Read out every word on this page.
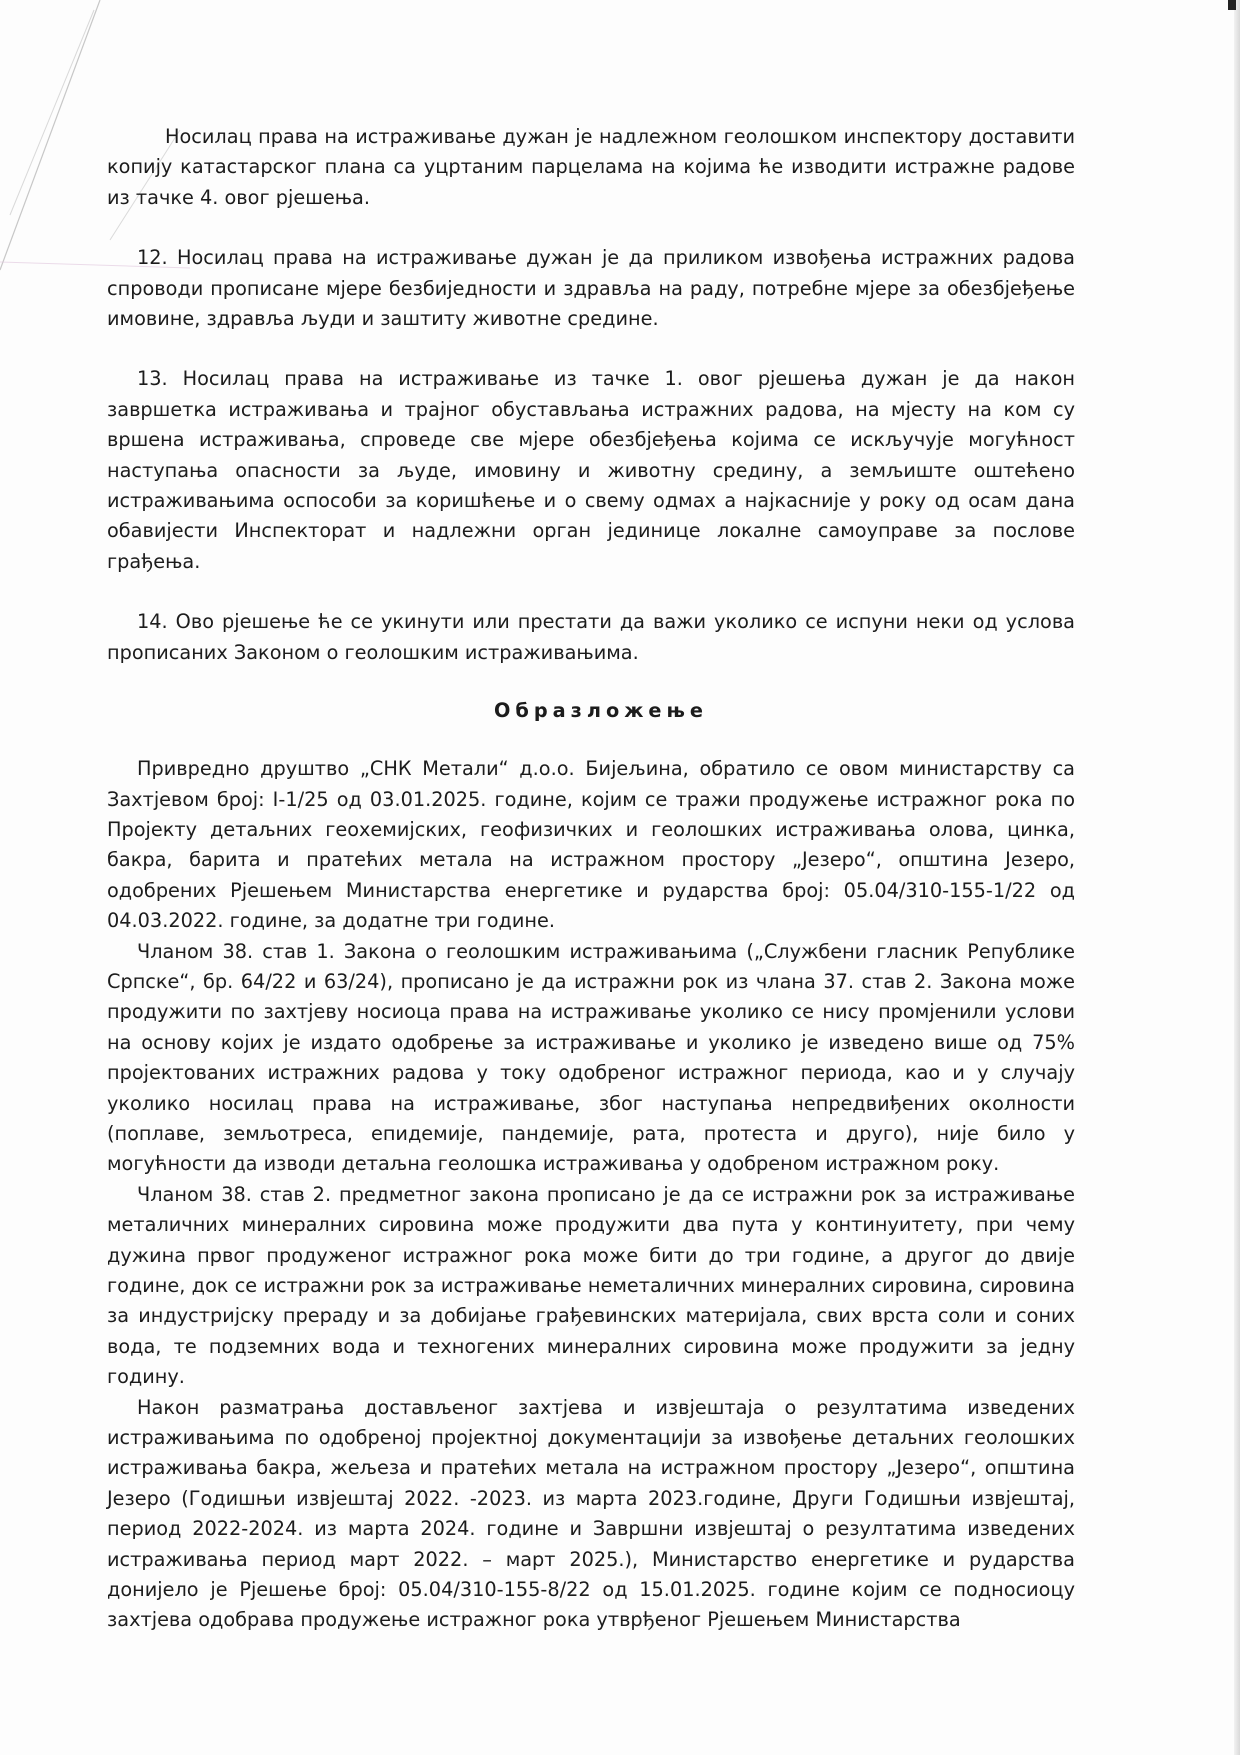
Носилац права на истраживање дужан је надлежном геолошком инспектору доставити копију катастарског плана са уцртаним парцелама на којима ће изводити истражне радове из тачке 4. овог рјешења.

12. Носилац права на истраживање дужан је да приликом извођења истражних радова спроводи прописане мјере безбиједности и здравља на раду, потребне мјере за обезбјеђење имовине, здравља људи и заштиту животне средине.

13. Носилац права на истраживање из тачке 1. овог рјешења дужан је да након завршетка истраживања и трајног обустављања истражних радова, на мјесту на ком су вршена истраживања, спроведе све мјере обезбјеђења којима се искључује могућност наступања опасности за људе, имовину и животну средину, а земљиште оштећено истраживањима оспособи за коришћење и о свему одмах а најкасније у року од осам дана обавијести Инспекторат и надлежни орган јединице локалне самоуправе за послове грађења.

14. Ово рјешење ће се укинути или престати да важи уколико се испуни неки од услова прописаних Законом о геолошким истраживањима.

Образложење

Привредно друштво „СНК Метали“ д.о.о. Бијељина, обратило се овом министарству са Захтјевом број: I-1/25 од 03.01.2025. године, којим се тражи продужење истражног рока по Пројекту детаљних геохемијских, геофизичких и геолошких истраживања олова, цинка, бакра, барита и пратећих метала на истражном простору „Језеро“, општина Језеро, одобрених Рјешењем Министарства енергетике и рударства број: 05.04/310-155-1/22 од 04.03.2022. године, за додатне три године.

Чланом 38. став 1. Закона о геолошким истраживањима („Службени гласник Републике Српске“, бр. 64/22 и 63/24), прописано је да истражни рок из члана 37. став 2. Закона може продужити по захтјеву носиоца права на истраживање уколико се нису промјенили услови на основу којих је издато одобрење за истраживање и уколико је изведено више од 75% пројектованих истражних радова у току одобреног истражног периода, као и у случају уколико носилац права на истраживање, због наступања непредвиђених околности (поплаве, земљотреса, епидемије, пандемије, рата, протеста и друго), није било у могућности да изводи детаљна геолошка истраживања у одобреном истражном року.

Чланом 38. став 2. предметног закона прописано је да се истражни рок за истраживање металичних минералних сировина може продужити два пута у континуитету, при чему дужина првог продуженог истражног рока може бити до три године, а другог до двије године, док се истражни рок за истраживање неметаличних минералних сировина, сировина за индустријску прераду и за добијање грађевинских материјала, свих врста соли и соних вода, те подземних вода и техногених минералних сировина може продужити за једну годину.

Након разматрања достављеног захтјева и извјештаја о резултатима изведених истраживањима по одобреној пројектној документацији за извођење детаљних геолошких истраживања бакра, жељеза и пратећих метала на истражном простору „Језеро“, општина Језеро (Годишњи извјештај 2022. -2023. из марта 2023.године, Други Годишњи извјештај, период 2022-2024. из марта 2024. године и Завршни извјештај о резултатима изведених истраживања период март 2022. – март 2025.), Министарство енергетике и рударства донијело је Рјешење број: 05.04/310-155-8/22 од 15.01.2025. године којим се подносиоцу захтјева одобрава продужење истражног рока утврђеног Рјешењем Министарства
